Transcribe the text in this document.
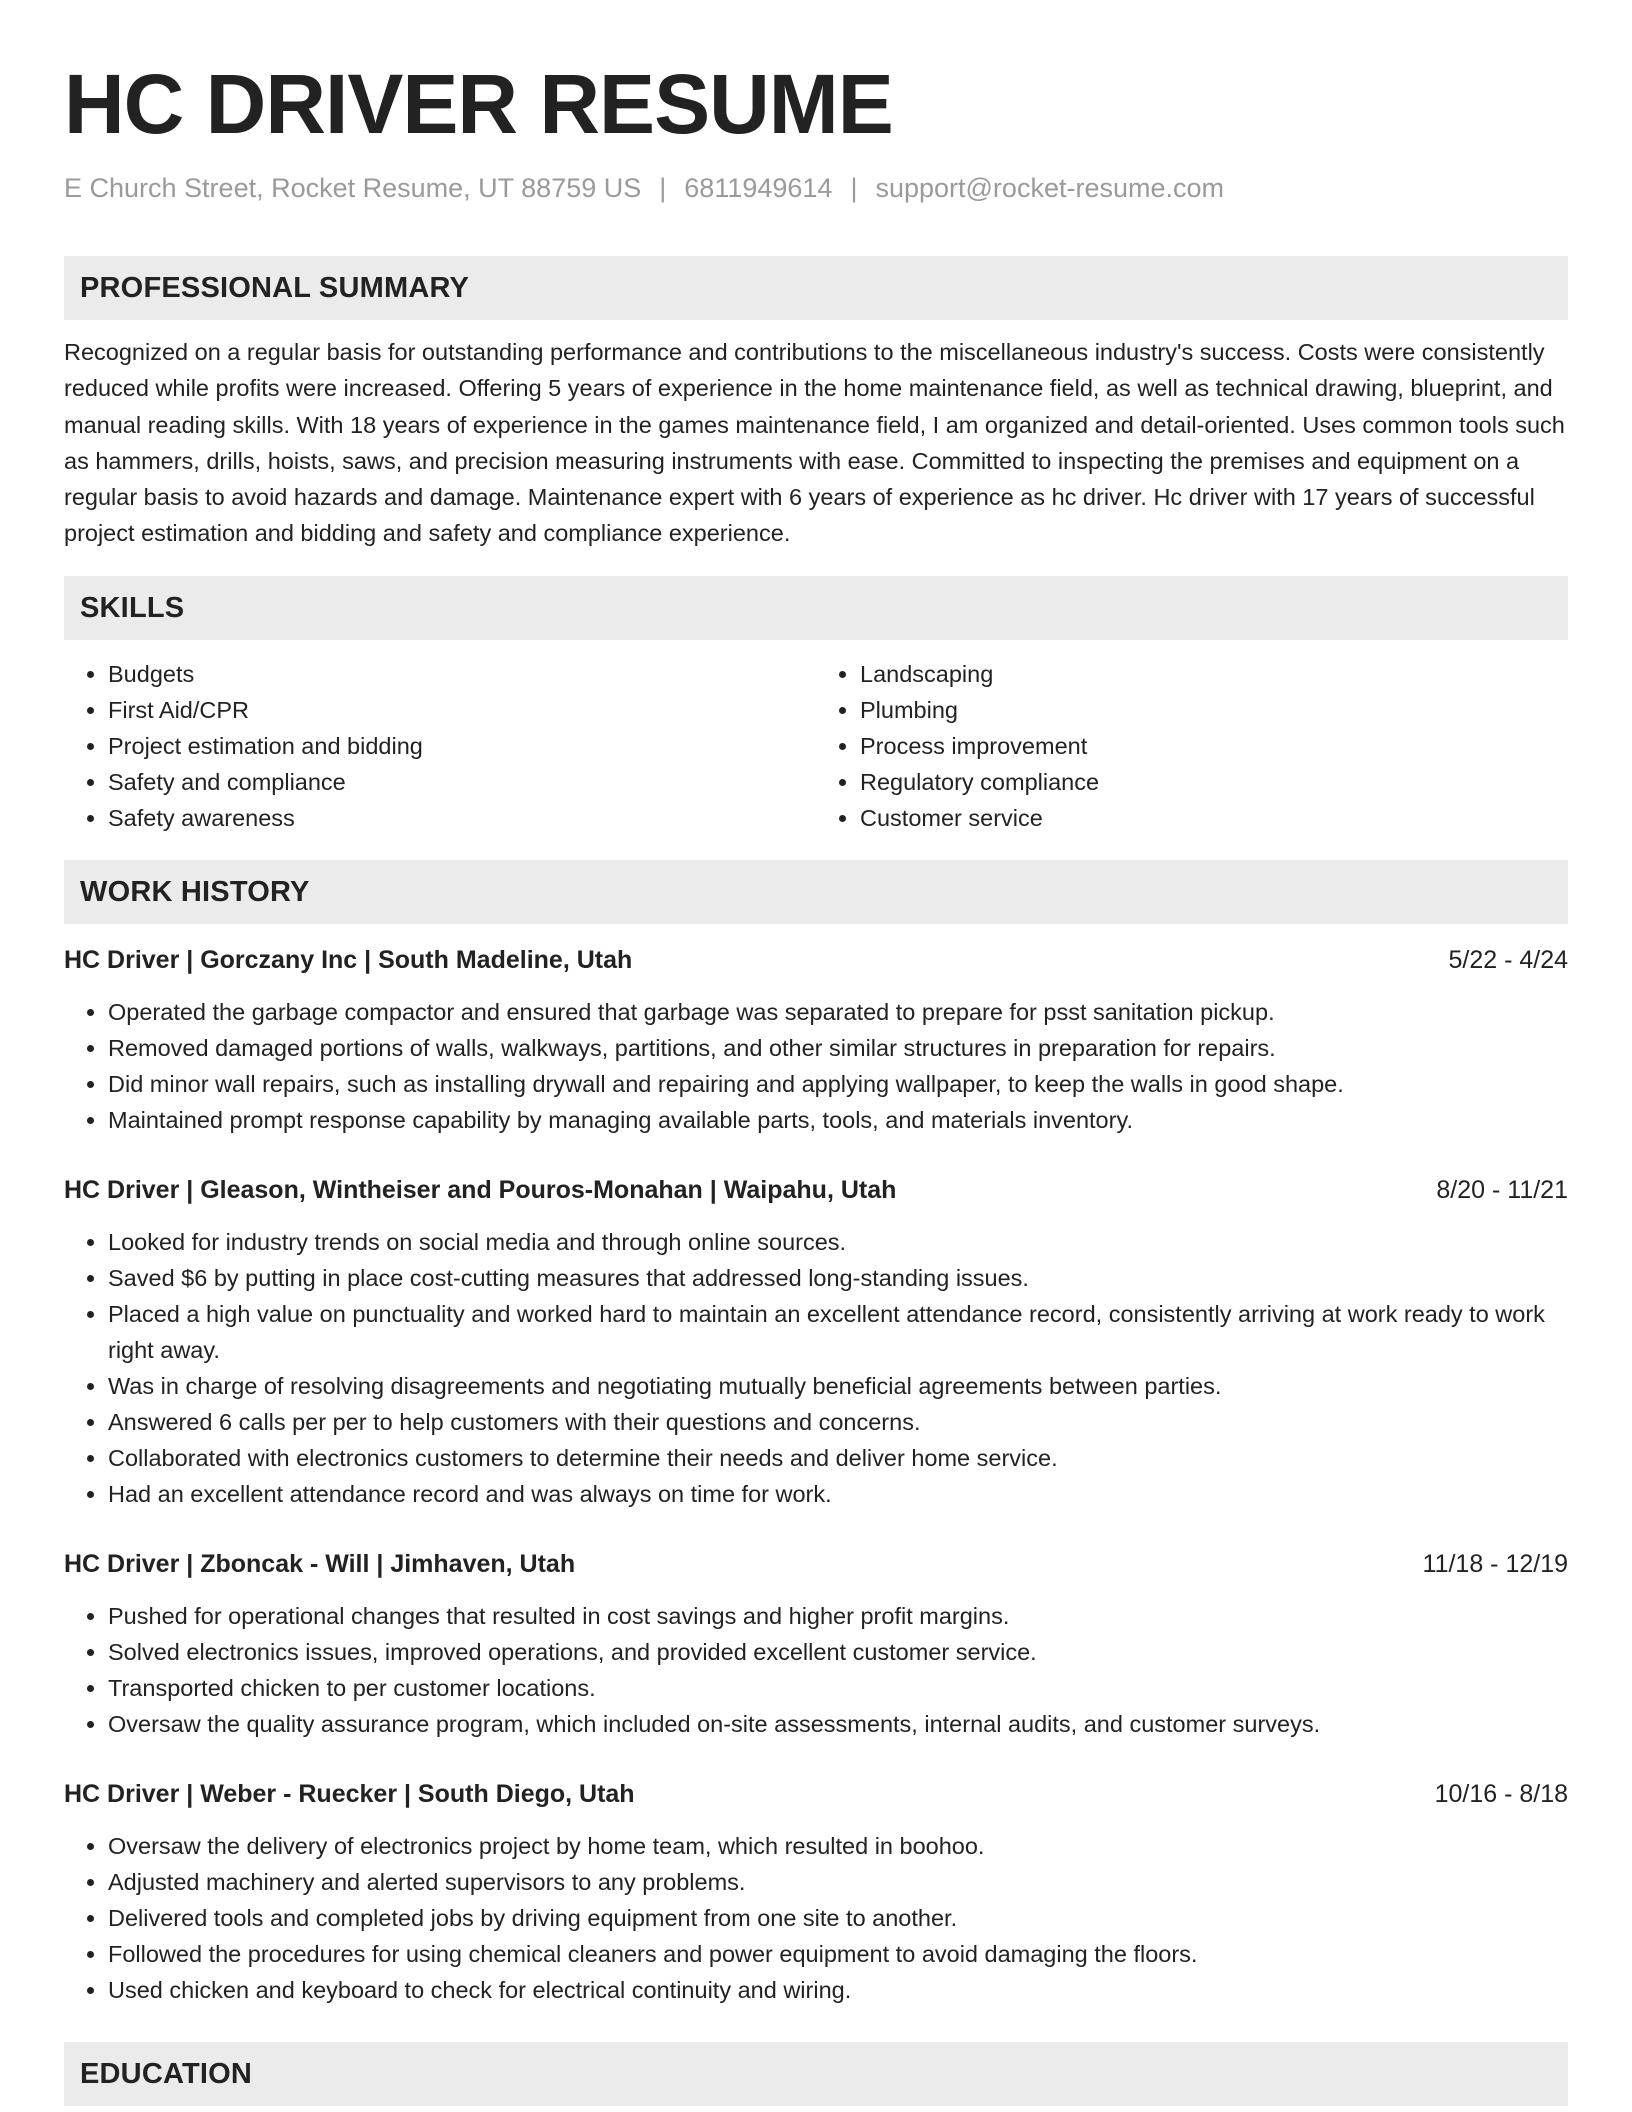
HC DRIVER RESUME
E Church Street, Rocket Resume, UT 88759 US | 6811949614 | support@rocket-resume.com
PROFESSIONAL SUMMARY

Recognized on a regular basis for outstanding performance and contributions to the miscellaneous industry's success. Costs were consistently reduced while profits were increased. Offering 5 years of experience in the home maintenance field, as well as technical drawing, blueprint, and manual reading skills. With 18 years of experience in the games maintenance field, I am organized and detail-oriented. Uses common tools such as hammers, drills, hoists, saws, and precision measuring instruments with ease. Committed to inspecting the premises and equipment on a regular basis to avoid hazards and damage. Maintenance expert with 6 years of experience as hc driver. Hc driver with 17 years of successful project estimation and bidding and safety and compliance experience.

SKILLS
• Budgets
• First Aid/CPR
• Project estimation and bidding
• Safety and compliance
• Safety awareness
• Landscaping
• Plumbing
• Process improvement
• Regulatory compliance
• Customer service
WORK HISTORY
HC Driver | Gorczany Inc | South Madeline, Utah	5/22 - 4/24
• Operated the garbage compactor and ensured that garbage was separated to prepare for psst sanitation pickup.
• Removed damaged portions of walls, walkways, partitions, and other similar structures in preparation for repairs.
• Did minor wall repairs, such as installing drywall and repairing and applying wallpaper, to keep the walls in good shape.
• Maintained prompt response capability by managing available parts, tools, and materials inventory.
HC Driver | Gleason, Wintheiser and Pouros-Monahan | Waipahu, Utah	8/20 - 11/21
• Looked for industry trends on social media and through online sources.
• Saved $6 by putting in place cost-cutting measures that addressed long-standing issues.
• Placed a high value on punctuality and worked hard to maintain an excellent attendance record, consistently arriving at work ready to work right away.
• Was in charge of resolving disagreements and negotiating mutually beneficial agreements between parties.
• Answered 6 calls per per to help customers with their questions and concerns.
• Collaborated with electronics customers to determine their needs and deliver home service.
• Had an excellent attendance record and was always on time for work.
HC Driver | Zboncak - Will | Jimhaven, Utah	11/18 - 12/19
• Pushed for operational changes that resulted in cost savings and higher profit margins.
• Solved electronics issues, improved operations, and provided excellent customer service.
• Transported chicken to per customer locations.
• Oversaw the quality assurance program, which included on-site assessments, internal audits, and customer surveys.
HC Driver | Weber - Ruecker | South Diego, Utah	10/16 - 8/18
• Oversaw the delivery of electronics project by home team, which resulted in boohoo.
• Adjusted machinery and alerted supervisors to any problems.
• Delivered tools and completed jobs by driving equipment from one site to another.
• Followed the procedures for using chemical cleaners and power equipment to avoid damaging the floors.
• Used chicken and keyboard to check for electrical continuity and wiring.
EDUCATION
